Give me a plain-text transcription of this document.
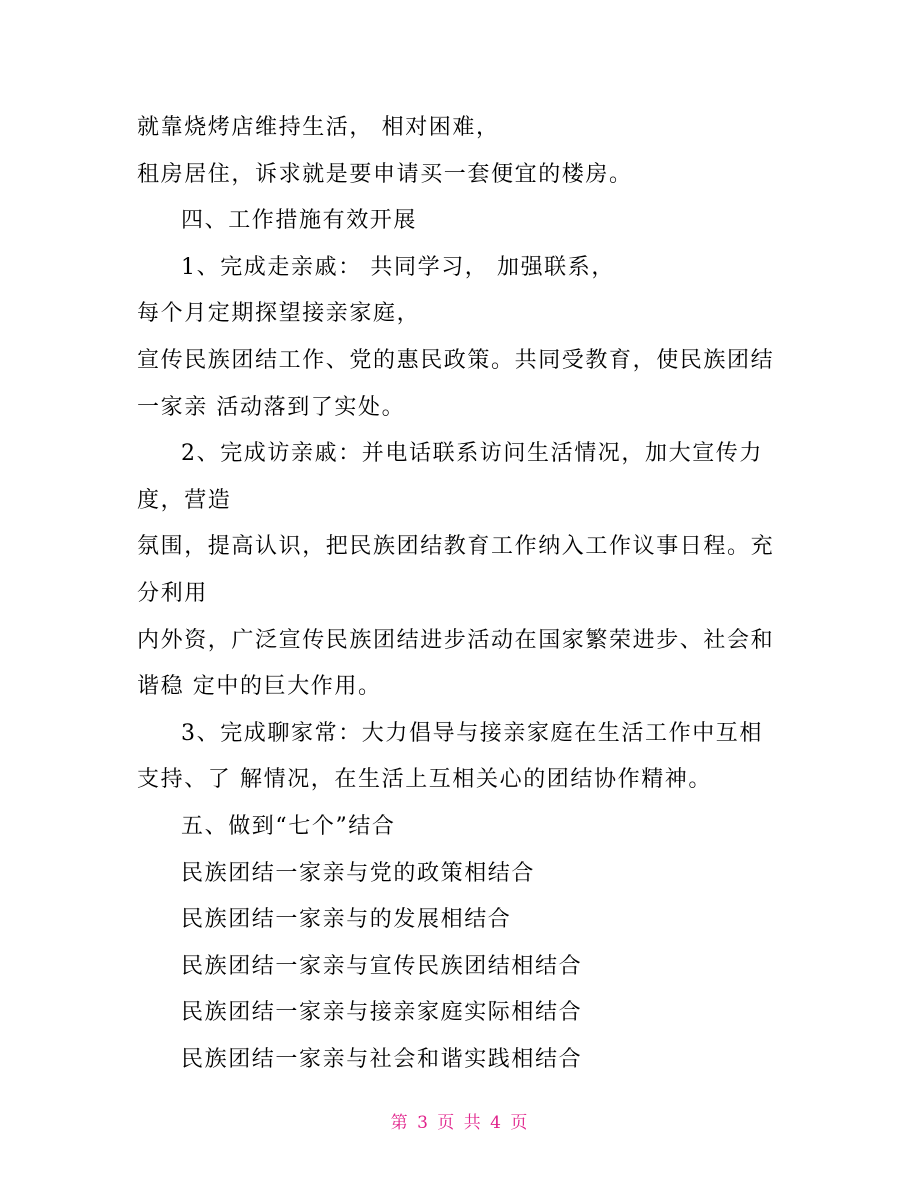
就靠烧烤店维持生活， 相对困难，
租房居住，诉求就是要申请买一套便宜的楼房。
四、工作措施有效开展
1、完成走亲戚： 共同学习， 加强联系，
每个月定期探望接亲家庭，
宣传民族团结工作、党的惠民政策。共同受教育，使民族团结
一家亲 活动落到了实处。
2、完成访亲戚：并电话联系访问生活情况，加大宣传力
度，营造
氛围，提高认识，把民族团结教育工作纳入工作议事日程。充
分利用
内外资，广泛宣传民族团结进步活动在国家繁荣进步、社会和
谐稳 定中的巨大作用。
3、完成聊家常：大力倡导与接亲家庭在生活工作中互相
支持、了 解情况，在生活上互相关心的团结协作精神。
五、做到“七个”结合
民族团结一家亲与党的政策相结合
民族团结一家亲与的发展相结合
民族团结一家亲与宣传民族团结相结合
民族团结一家亲与接亲家庭实际相结合
民族团结一家亲与社会和谐实践相结合
第 3 页 共 4 页
